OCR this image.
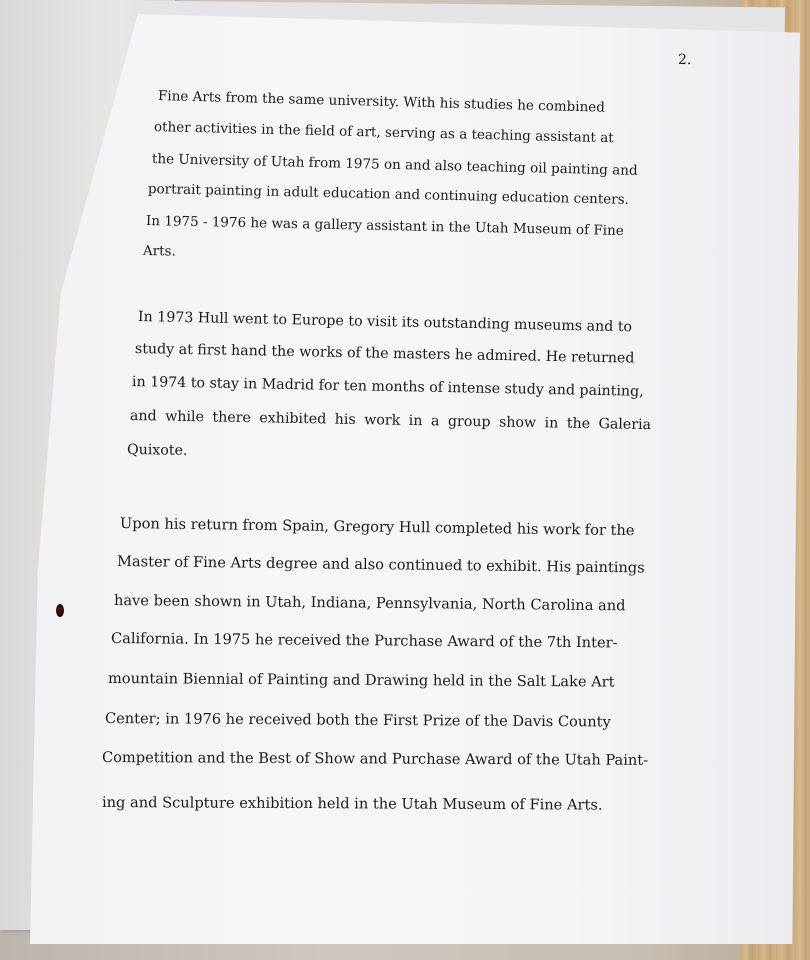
2.
Fine Arts from the same university. With his studies he combined
other activities in the field of art, serving as a teaching assistant at
the University of Utah from 1975 on and also teaching oil painting and
portrait painting in adult education and continuing education centers.
In 1975 - 1976 he was a gallery assistant in the Utah Museum of Fine
Arts.
In 1973 Hull went to Europe to visit its outstanding museums and to
study at first hand the works of the masters he admired. He returned
in 1974 to stay in Madrid for ten months of intense study and painting,
and while there exhibited his work in a group show in the Galeria
Quixote.
Upon his return from Spain, Gregory Hull completed his work for the
Master of Fine Arts degree and also continued to exhibit. His paintings
have been shown in Utah, Indiana, Pennsylvania, North Carolina and
California. In 1975 he received the Purchase Award of the 7th Inter-
mountain Biennial of Painting and Drawing held in the Salt Lake Art
Center; in 1976 he received both the First Prize of the Davis County
Competition and the Best of Show and Purchase Award of the Utah Paint-
ing and Sculpture exhibition held in the Utah Museum of Fine Arts.
